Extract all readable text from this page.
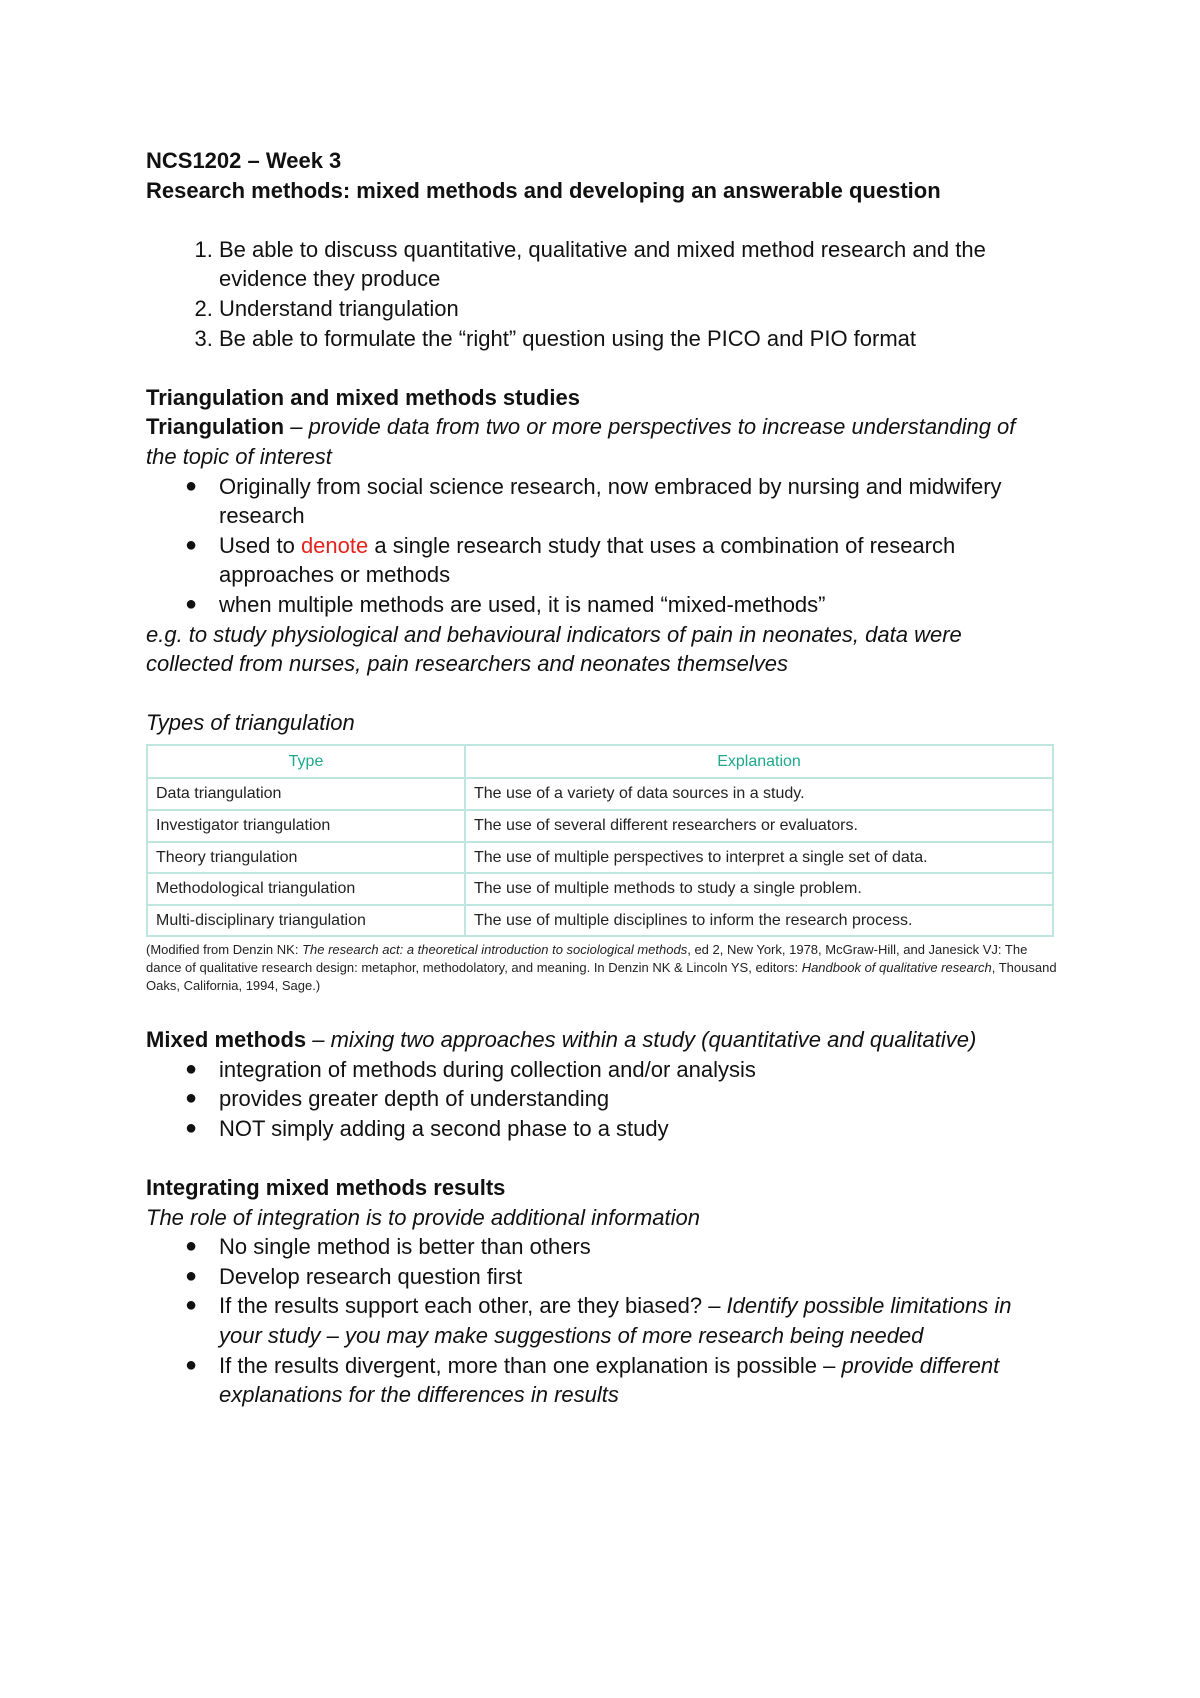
NCS1202 – Week 3
Research methods: mixed methods and developing an answerable question
1. Be able to discuss quantitative, qualitative and mixed method research and the evidence they produce
2. Understand triangulation
3. Be able to formulate the “right” question using the PICO and PIO format
Triangulation and mixed methods studies
Triangulation – provide data from two or more perspectives to increase understanding of the topic of interest
● Originally from social science research, now embraced by nursing and midwifery research
● Used to denote a single research study that uses a combination of research approaches or methods
● when multiple methods are used, it is named “mixed-methods”
e.g. to study physiological and behavioural indicators of pain in neonates, data were collected from nurses, pain researchers and neonates themselves
Types of triangulation
Type	Explanation
Data triangulation	The use of a variety of data sources in a study.
Investigator triangulation	The use of several different researchers or evaluators.
Theory triangulation	The use of multiple perspectives to interpret a single set of data.
Methodological triangulation	The use of multiple methods to study a single problem.
Multi-disciplinary triangulation	The use of multiple disciplines to inform the research process.
(Modified from Denzin NK: The research act: a theoretical introduction to sociological methods, ed 2, New York, 1978, McGraw-Hill, and Janesick VJ: The dance of qualitative research design: metaphor, methodolatory, and meaning. In Denzin NK & Lincoln YS, editors: Handbook of qualitative research, Thousand Oaks, California, 1994, Sage.)
Mixed methods – mixing two approaches within a study (quantitative and qualitative)
● integration of methods during collection and/or analysis
● provides greater depth of understanding
● NOT simply adding a second phase to a study
Integrating mixed methods results
The role of integration is to provide additional information
● No single method is better than others
● Develop research question first
● If the results support each other, are they biased? – Identify possible limitations in your study – you may make suggestions of more research being needed
● If the results divergent, more than one explanation is possible – provide different explanations for the differences in results
